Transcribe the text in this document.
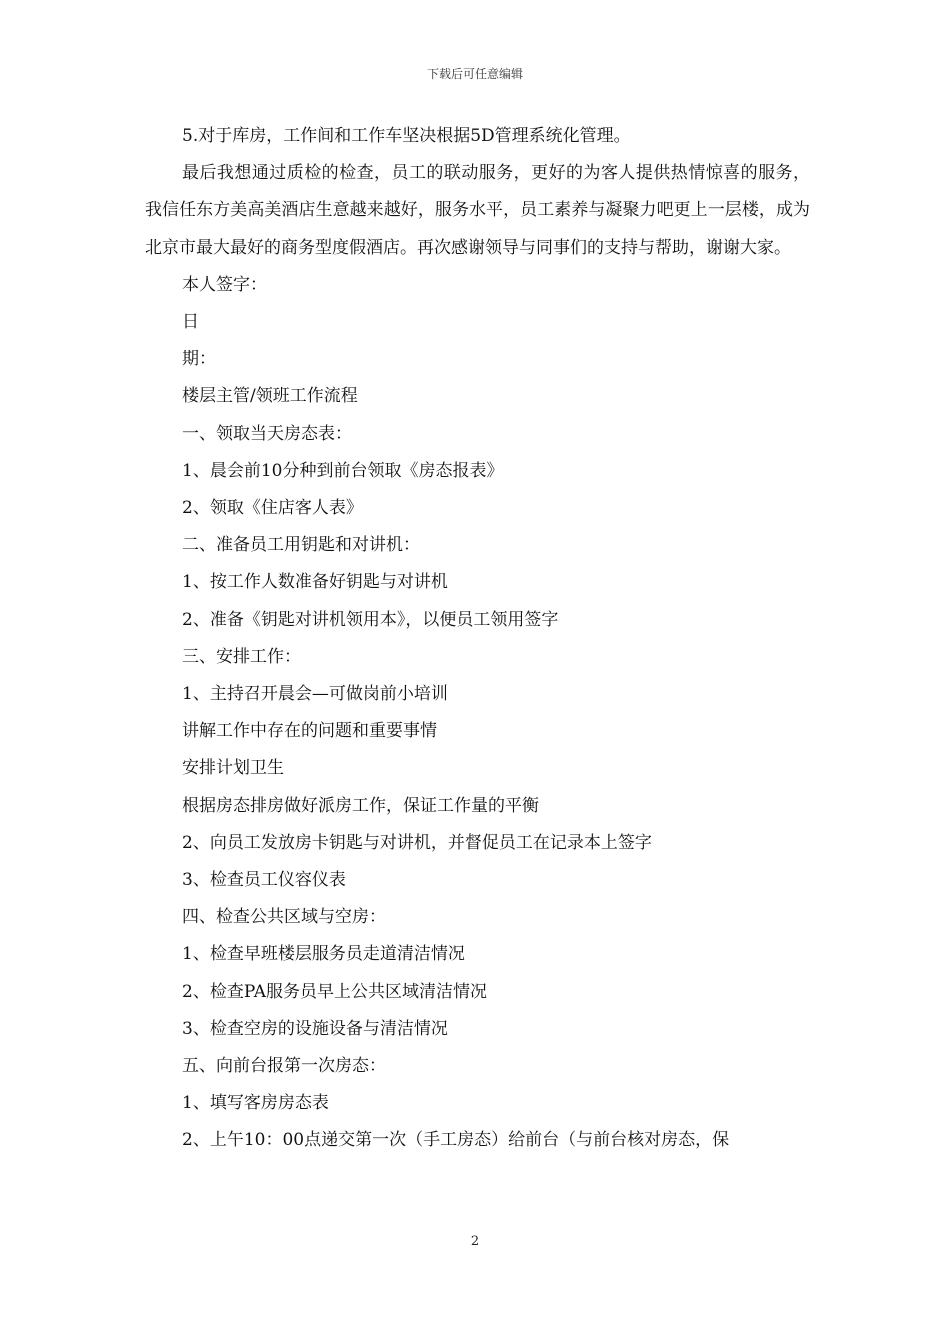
下载后可任意编辑

5.对于库房，工作间和工作车坚决根据5D管理系统化管理。

最后我想通过质检的检查，员工的联动服务，更好的为客人提供热情惊喜的服务，我信任东方美高美酒店生意越来越好，服务水平，员工素养与凝聚力吧更上一层楼，成为北京市最大最好的商务型度假酒店。再次感谢领导与同事们的支持与帮助，谢谢大家。

本人签字：

日

期：

楼层主管/领班工作流程

一、领取当天房态表：

1、晨会前10分种到前台领取《房态报表》

2、领取《住店客人表》

二、准备员工用钥匙和对讲机：

1、按工作人数准备好钥匙与对讲机

2、准备《钥匙对讲机领用本》，以便员工领用签字

三、安排工作：

1、主持召开晨会—可做岗前小培训

讲解工作中存在的问题和重要事情

安排计划卫生

根据房态排房做好派房工作，保证工作量的平衡

2、向员工发放房卡钥匙与对讲机，并督促员工在记录本上签字

3、检查员工仪容仪表

四、检查公共区域与空房：

1、检查早班楼层服务员走道清洁情况

2、检查PA服务员早上公共区域清洁情况

3、检查空房的设施设备与清洁情况

五、向前台报第一次房态：

1、填写客房房态表

2、上午10：00点递交第一次（手工房态）给前台（与前台核对房态，保

2
